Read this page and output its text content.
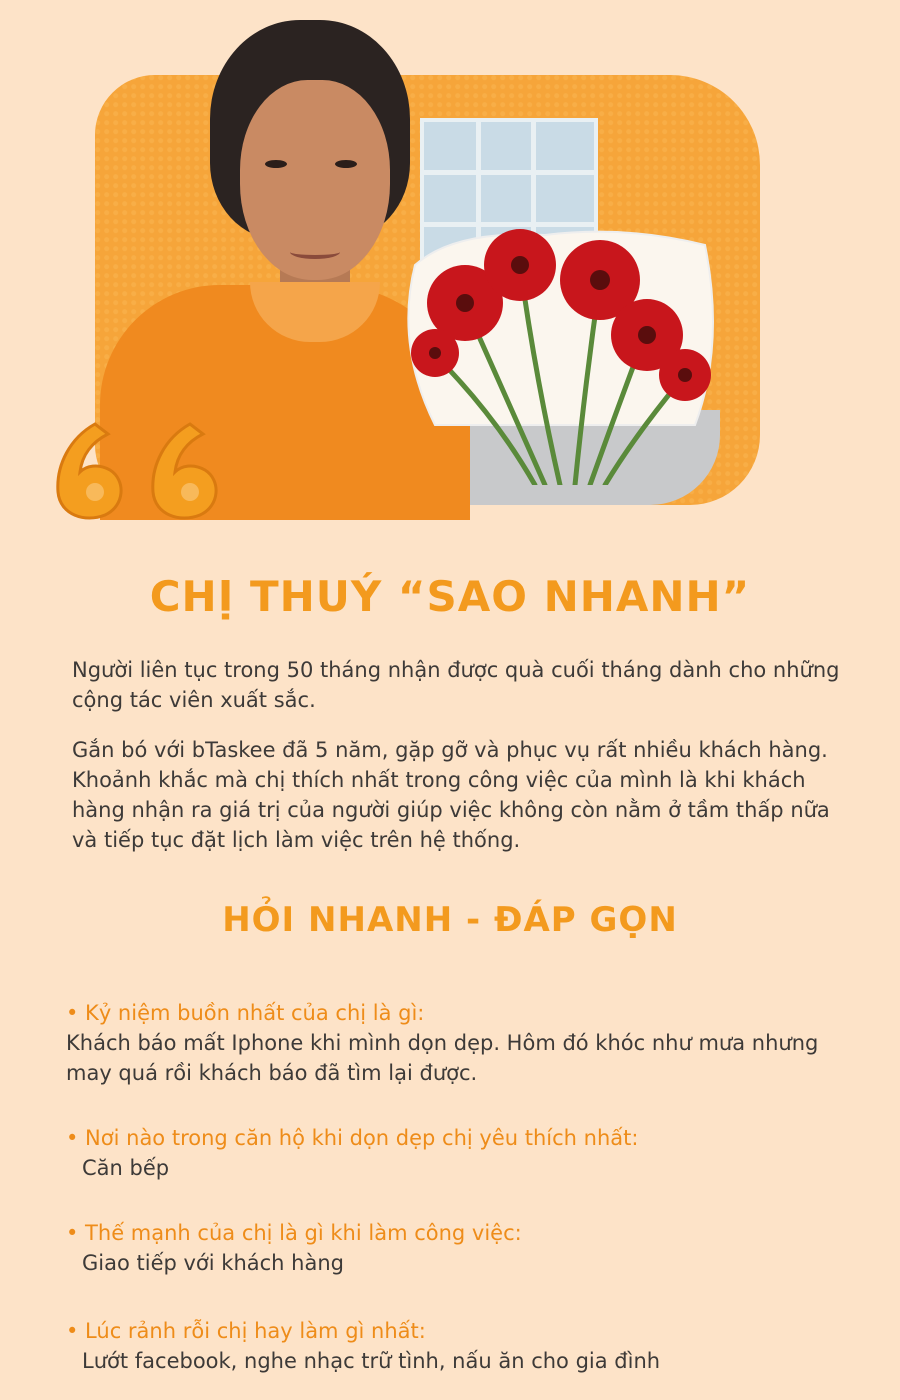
CHỊ THUÝ “SAO NHANH”
Người liên tục trong 50 tháng nhận được quà cuối tháng dành cho những cộng tác viên xuất sắc.
Gắn bó với bTaskee đã 5 năm, gặp gỡ và phục vụ rất nhiều khách hàng. Khoảnh khắc mà chị thích nhất trong công việc của mình là khi khách hàng nhận ra giá trị của người giúp việc không còn nằm ở tầm thấp nữa và tiếp tục đặt lịch làm việc trên hệ thống.
HỎI NHANH - ĐÁP GỌN
• Kỷ niệm buồn nhất của chị là gì:
Khách báo mất Iphone khi mình dọn dẹp. Hôm đó khóc như mưa nhưng may quá rồi khách báo đã tìm lại được.
• Nơi nào trong căn hộ khi dọn dẹp chị yêu thích nhất:
Căn bếp
• Thế mạnh của chị là gì khi làm công việc:
Giao tiếp với khách hàng
• Lúc rảnh rỗi chị hay làm gì nhất:
Lướt facebook, nghe nhạc trữ tình, nấu ăn cho gia đình
